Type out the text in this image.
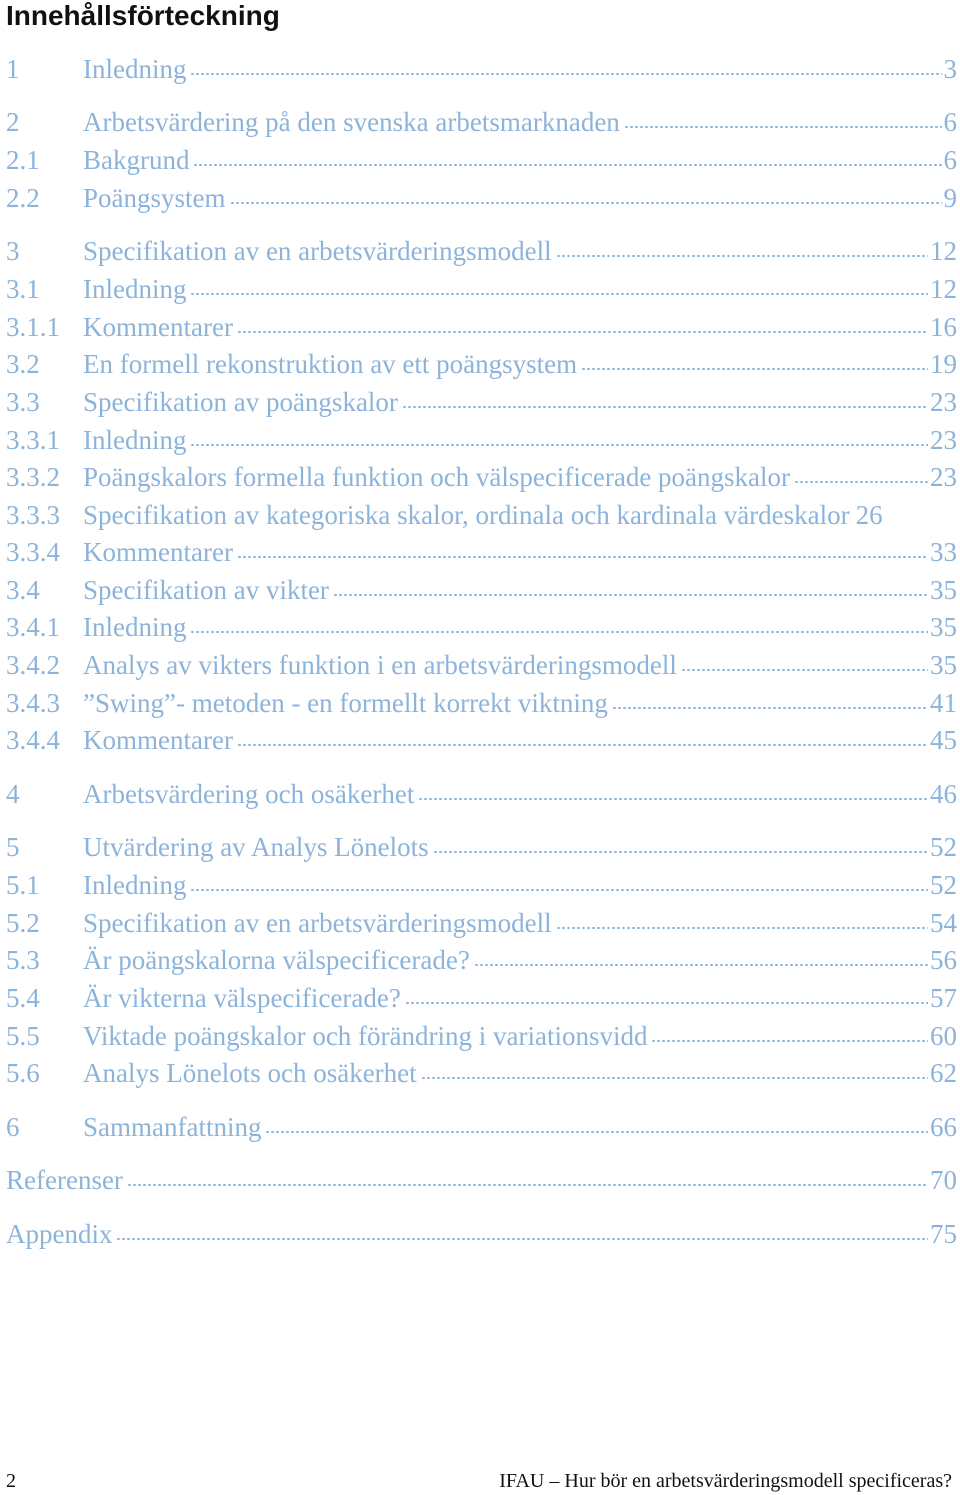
Innehållsförteckning
1	Inledning	3
2	Arbetsvärdering på den svenska arbetsmarknaden	6
2.1	Bakgrund	6
2.2	Poängsystem	9
3	Specifikation av en arbetsvärderingsmodell	12
3.1	Inledning	12
3.1.1 Kommentarer	16
3.2	En formell rekonstruktion av ett poängsystem	19
3.3	Specifikation av poängskalor	23
3.3.1 Inledning	23
3.3.2 Poängskalors formella funktion och välspecificerade poängskalor	23
3.3.3 Specifikation av kategoriska skalor, ordinala och kardinala värdeskalor 26
3.3.4 Kommentarer	33
3.4	Specifikation av vikter	35
3.4.1 Inledning	35
3.4.2 Analys av vikters funktion i en arbetsvärderingsmodell	35
3.4.3 ”Swing”- metoden - en formellt korrekt viktning	41
3.4.4 Kommentarer	45
4	Arbetsvärdering och osäkerhet	46
5	Utvärdering av Analys Lönelots	52
5.1	Inledning	52
5.2	Specifikation av en arbetsvärderingsmodell	54
5.3	Är poängskalorna välspecificerade?	56
5.4	Är vikterna välspecificerade?	57
5.5	Viktade poängskalor och förändring i variationsvidd	60
5.6	Analys Lönelots och osäkerhet	62
6	Sammanfattning	66
Referenser	70
Appendix	75
2	IFAU – Hur bör en arbetsvärderingsmodell specificeras?
